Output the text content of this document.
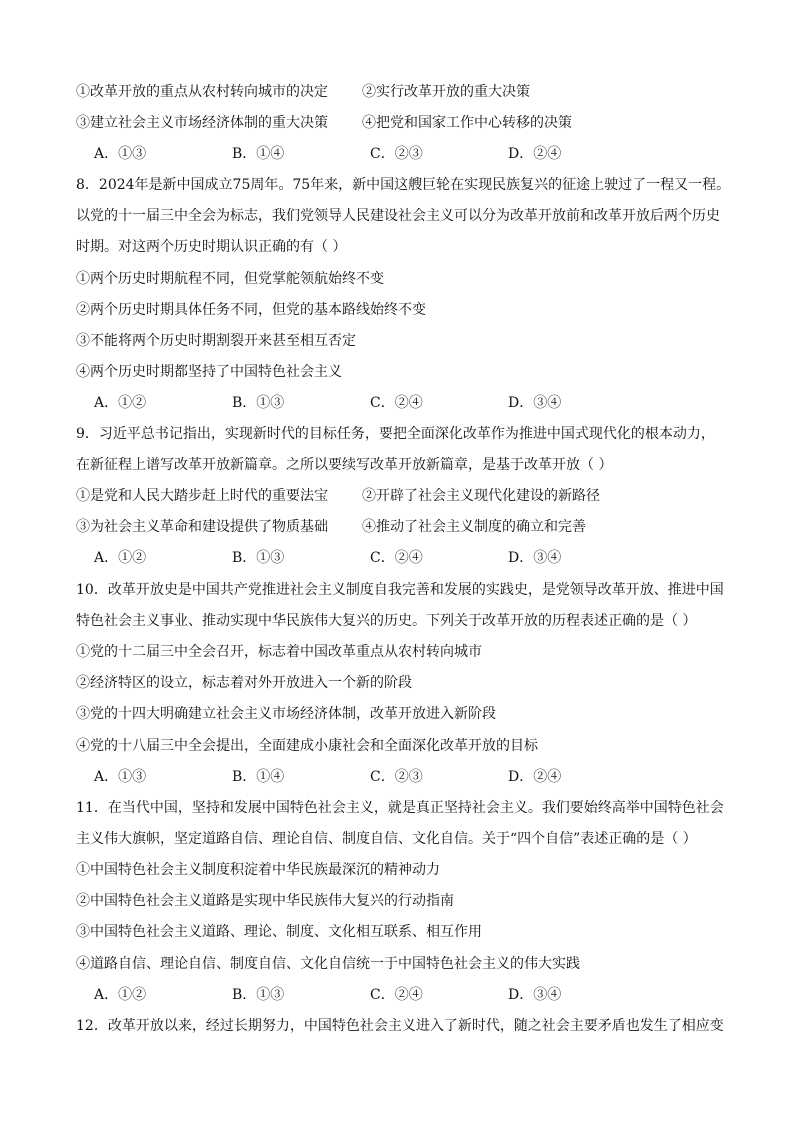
①改革开放的重点从农村转向城市的决定 ②实行改革开放的重大决策
③建立社会主义市场经济体制的重大决策 ④把党和国家工作中心转移的决策
A．①③	B．①④	C．②③	D．②④
8．2024年是新中国成立75周年。75年来，新中国这艘巨轮在实现民族复兴的征途上驶过了一程又一程。
以党的十一届三中全会为标志，我们党领导人民建设社会主义可以分为改革开放前和改革开放后两个历史
时期。对这两个历史时期认识正确的有（ ）
①两个历史时期航程不同，但党掌舵领航始终不变
②两个历史时期具体任务不同，但党的基本路线始终不变
③不能将两个历史时期割裂开来甚至相互否定
④两个历史时期都坚持了中国特色社会主义
A．①②	B．①③	C．②④	D．③④
9．习近平总书记指出，实现新时代的目标任务，要把全面深化改革作为推进中国式现代化的根本动力，
在新征程上谱写改革开放新篇章。之所以要续写改革开放新篇章，是基于改革开放（ ）
①是党和人民大踏步赶上时代的重要法宝 ②开辟了社会主义现代化建设的新路径
③为社会主义革命和建设提供了物质基础 ④推动了社会主义制度的确立和完善
A．①②	B．①③	C．②④	D．③④
10．改革开放史是中国共产党推进社会主义制度自我完善和发展的实践史，是党领导改革开放、推进中国
特色社会主义事业、推动实现中华民族伟大复兴的历史。下列关于改革开放的历程表述正确的是（ ）
①党的十二届三中全会召开，标志着中国改革重点从农村转向城市
②经济特区的设立，标志着对外开放进入一个新的阶段
③党的十四大明确建立社会主义市场经济体制，改革开放进入新阶段
④党的十八届三中全会提出，全面建成小康社会和全面深化改革开放的目标
A．①③	B．①④	C．②③	D．②④
11．在当代中国，坚持和发展中国特色社会主义，就是真正坚持社会主义。我们要始终高举中国特色社会
主义伟大旗帜，坚定道路自信、理论自信、制度自信、文化自信。关于“四个自信”表述正确的是（ ）
①中国特色社会主义制度积淀着中华民族最深沉的精神动力
②中国特色社会主义道路是实现中华民族伟大复兴的行动指南
③中国特色社会主义道路、理论、制度、文化相互联系、相互作用
④道路自信、理论自信、制度自信、文化自信统一于中国特色社会主义的伟大实践
A．①②	B．①③	C．②④	D．③④
12．改革开放以来，经过长期努力，中国特色社会主义进入了新时代，随之社会主要矛盾也发生了相应变
